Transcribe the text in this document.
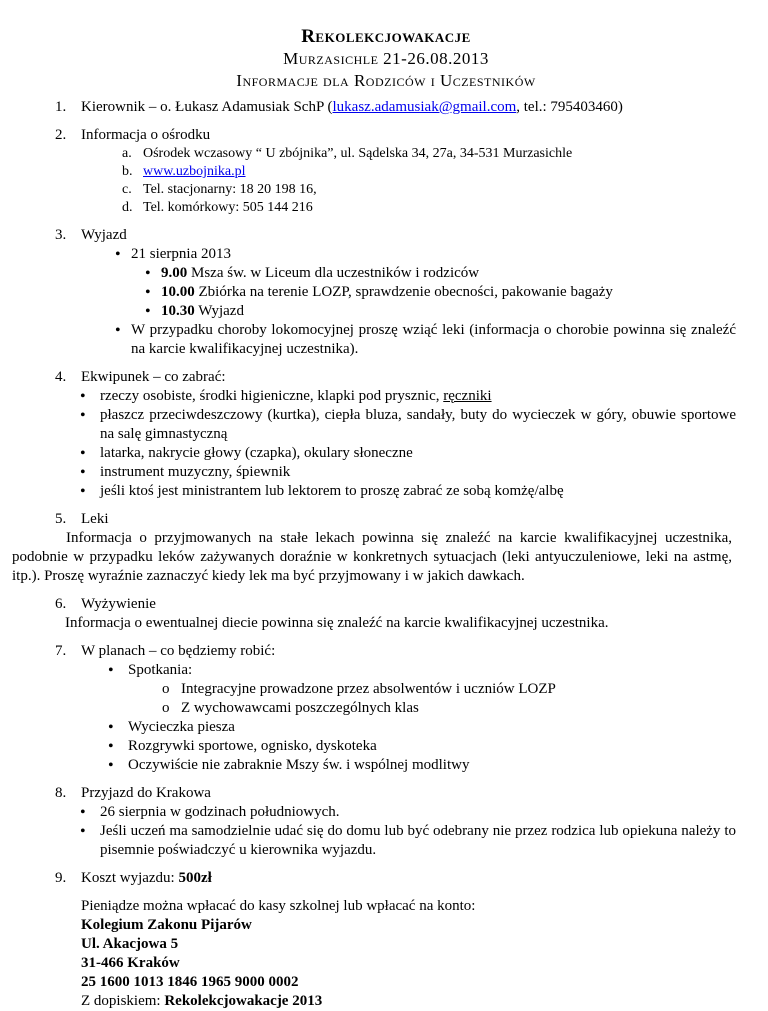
Rekolekcjowakacje
Murzasichle 21-26.08.2013
Informacje dla Rodziców i Uczestników
1. Kierownik – o. Łukasz Adamusiak SchP (lukasz.adamusiak@gmail.com, tel.: 795403460)
2. Informacja o ośrodku
a. Ośrodek wczasowy “ U zbójnika”, ul. Sądelska 34, 27a, 34-531 Murzasichle
b. www.uzbojnika.pl
c. Tel. stacjonarny: 18 20 198 16,
d. Tel. komórkowy: 505 144 216
3. Wyjazd
• 21 sierpnia 2013
• 9.00 Msza św. w Liceum dla uczestników i rodziców
• 10.00 Zbiórka na terenie LOZP, sprawdzenie obecności, pakowanie bagaży
• 10.30 Wyjazd
• W przypadku choroby lokomocyjnej proszę wziąć leki (informacja o chorobie powinna się znaleźć na karcie kwalifikacyjnej uczestnika).
4. Ekwipunek – co zabrać:
• rzeczy osobiste, środki higieniczne, klapki pod prysznic, ręczniki
• płaszcz przeciwdeszczowy (kurtka), ciepła bluza, sandały, buty do wycieczek w góry, obuwie sportowe na salę gimnastyczną
• latarka, nakrycie głowy (czapka), okulary słoneczne
• instrument muzyczny, śpiewnik
• jeśli ktoś jest ministrantem lub lektorem to proszę zabrać ze sobą komżę/albę
5. Leki
Informacja o przyjmowanych na stałe lekach powinna się znaleźć na karcie kwalifikacyjnej uczestnika, podobnie w przypadku leków zażywanych doraźnie w konkretnych sytuacjach (leki antyuczuleniowe, leki na astmę, itp.). Proszę wyraźnie zaznaczyć kiedy lek ma być przyjmowany i w jakich dawkach.
6. Wyżywienie
Informacja o ewentualnej diecie powinna się znaleźć na karcie kwalifikacyjnej uczestnika.
7. W planach – co będziemy robić:
• Spotkania:
o Integracyjne prowadzone przez absolwentów i uczniów LOZP
o Z wychowawcami poszczególnych klas
• Wycieczka piesza
• Rozgrywki sportowe, ognisko, dyskoteka
• Oczywiście nie zabraknie Mszy św. i wspólnej modlitwy
8. Przyjazd do Krakowa
• 26 sierpnia w godzinach południowych.
• Jeśli uczeń ma samodzielnie udać się do domu lub być odebrany nie przez rodzica lub opiekuna należy to pisemnie poświadczyć u kierownika wyjazdu.
9. Koszt wyjazdu: 500zł
Pieniądze można wpłacać do kasy szkolnej lub wpłacać na konto:
Kolegium Zakonu Pijarów
Ul. Akacjowa 5
31-466 Kraków
25 1600 1013 1846 1965 9000 0002
Z dopiskiem: Rekolekcjowakacje 2013
